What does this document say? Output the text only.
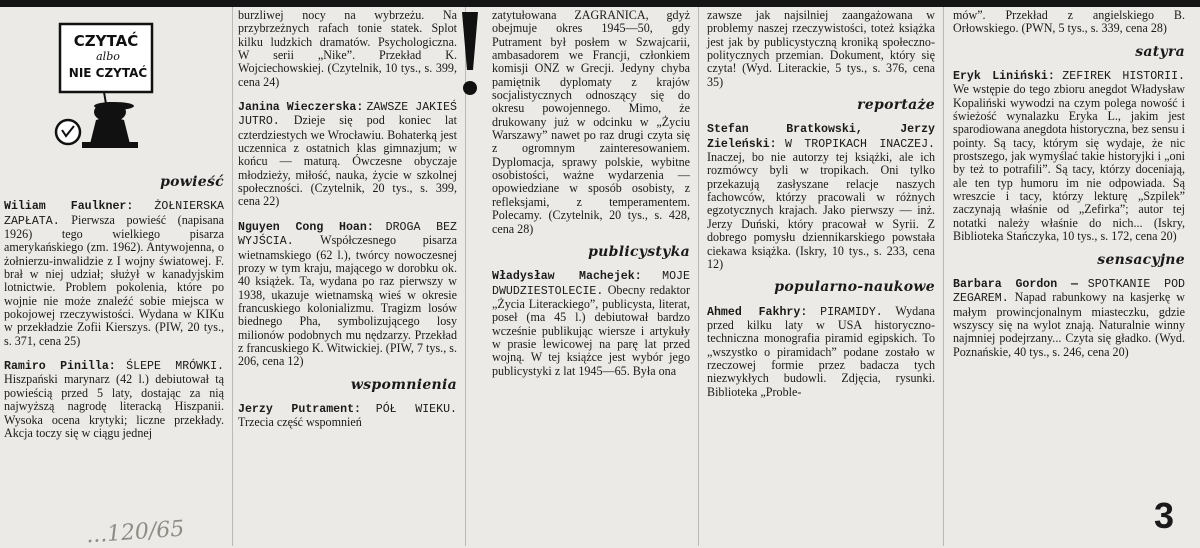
CZYTAĆ
albo
NIE CZYTAĆ
powieść

Wiliam Faulkner: ŻOŁNIERSKA ZAPŁATA. Pierwsza powieść (napisana 1926) tego wielkiego pisarza amerykańskiego (zm. 1962). Antywojenna, o żołnierzu-inwalidzie z I wojny światowej. F. brał w niej udział; służył w kanadyjskim lotnictwie. Problem pokolenia, które po wojnie nie może znaleźć sobie miejsca w pokojowej rzeczywistości. Wydana w KIKu w przekładzie Zofii Kierszys. (PIW, 20 tys., s. 371, cena 25)

Ramiro Pinilla: ŚLEPE MRÓWKI. Hiszpański marynarz (42 l.) debiutował tą powieścią przed 5 laty, dostając za nią najwyższą nagrodę literacką Hiszpanii. Wysoka ocena krytyki; liczne przekłady. Akcja toczy się w ciągu jednej

burzliwej nocy na wybrzeżu. Na przybrzeżnych rafach tonie statek. Splot kilku ludzkich dramatów. Psychologiczna. W serii „Nike”. Przekład K. Wojciechowskiej. (Czytelnik, 10 tys., s. 399, cena 24)

Janina Wieczerska: ZAWSZE JAKIEŚ JUTRO. Dzieje się pod koniec lat czterdziestych we Wrocławiu. Bohaterką jest uczennica z ostatnich klas gimnazjum; w końcu — maturą. Ówczesne obyczaje młodzieży, miłość, nauka, życie w szkolnej społeczności. (Czytelnik, 20 tys., s. 399, cena 22)

Nguyen Cong Hoan: DROGA BEZ WYJŚCIA. Współczesnego pisarza wietnamskiego (62 l.), twórcy nowoczesnej prozy w tym kraju, mającego w dorobku ok. 40 książek. Ta, wydana po raz pierwszy w 1938, ukazuje wietnamską wieś w okresie francuskiego kolonializmu. Tragizm losów biednego Pha, symbolizującego losy milionów podobnych mu nędzarzy. Przekład z francuskiego K. Witwickiej. (PIW, 7 tys., s. 206, cena 12)

wspomnienia

Jerzy Putrament: PÓŁ WIEKU. Trzecia część wspomnień

zatytułowana ZAGRANICA, gdyż obejmuje okres 1945—50, gdy Putrament był posłem w Szwajcarii, ambasadorem we Francji, członkiem komisji ONZ w Grecji. Jedyny chyba pamiętnik dyplomaty z krajów socjalistycznych odnoszący się do okresu powojennego. Mimo, że drukowany już w odcinku w „Życiu Warszawy” nawet po raz drugi czyta się z ogromnym zainteresowaniem. Dyplomacja, sprawy polskie, wybitne osobistości, ważne wydarzenia — opowiedziane w sposób osobisty, z refleksjami, z temperamentem. Polecamy. (Czytelnik, 20 tys., s. 428, cena 28)

publicystyka

Władysław Machejek: MOJE DWUDZIESTOLECIE. Obecny redaktor „Życia Literackiego”, publicysta, literat, poseł (ma 45 l.) debiutował bardzo wcześnie publikując wiersze i artykuły w prasie lewicowej na parę lat przed wojną. W tej książce jest wybór jego publicystyki z lat 1945—65. Była ona

zawsze jak najsilniej zaangażowana w problemy naszej rzeczywistości, toteż książka jest jak by publicystyczną kroniką społeczno-politycznych przemian. Dokument, który się czyta! (Wyd. Literackie, 5 tys., s. 376, cena 35)

reportaże

Stefan Bratkowski, Jerzy Zieleński: W TROPIKACH INACZEJ. Inaczej, bo nie autorzy tej książki, ale ich rozmówcy byli w tropikach. Oni tylko przekazują zasłyszane relacje naszych fachowców, którzy pracowali w różnych egzotycznych krajach. Jako pierwszy — inż. Jerzy Duński, który pracował w Syrii. Z dobrego pomysłu dziennikarskiego powstała ciekawa książka. (Iskry, 10 tys., s. 233, cena 12)

popularno-naukowe

Ahmed Fakhry: PIRAMIDY. Wydana przed kilku laty w USA historyczno-techniczna monografia piramid egipskich. To „wszystko o piramidach” podane zostało w rzeczowej formie przez badacza tych niezwykłych budowli. Zdjęcia, rysunki. Biblioteka „Proble-

mów”. Przekład z angielskiego B. Orłowskiego. (PWN, 5 tys., s. 339, cena 28)

satyra

Eryk Liniński: ZEFIREK HISTORII. We wstępie do tego zbioru anegdot Władysław Kopaliński wywodzi na czym polega nowość i świeżość wynalazku Eryka L., jakim jest sparodiowana anegdota historyczna, bez sensu i pointy. Są tacy, którym się wydaje, że nic prostszego, jak wymyślać takie historyjki i „oni by też to potrafili”. Są tacy, którzy doceniają, ale ten typ humoru im nie odpowiada. Są wreszcie i tacy, którzy lekturę „Szpilek” zaczynają właśnie od „Zefirka”; autor tej notatki należy właśnie do nich... (Iskry, Biblioteka Stańczyka, 10 tys., s. 172, cena 20)

sensacyjne

Barbara Gordon — SPOTKANIE POD ZEGAREM. Napad rabunkowy na kasjerkę w małym prowincjonalnym miasteczku, gdzie wszyscy się na wylot znają. Naturalnie winny najmniej podejrzany... Czyta się gładko. (Wyd. Poznańskie, 40 tys., s. 246, cena 20)

3
...120/65
